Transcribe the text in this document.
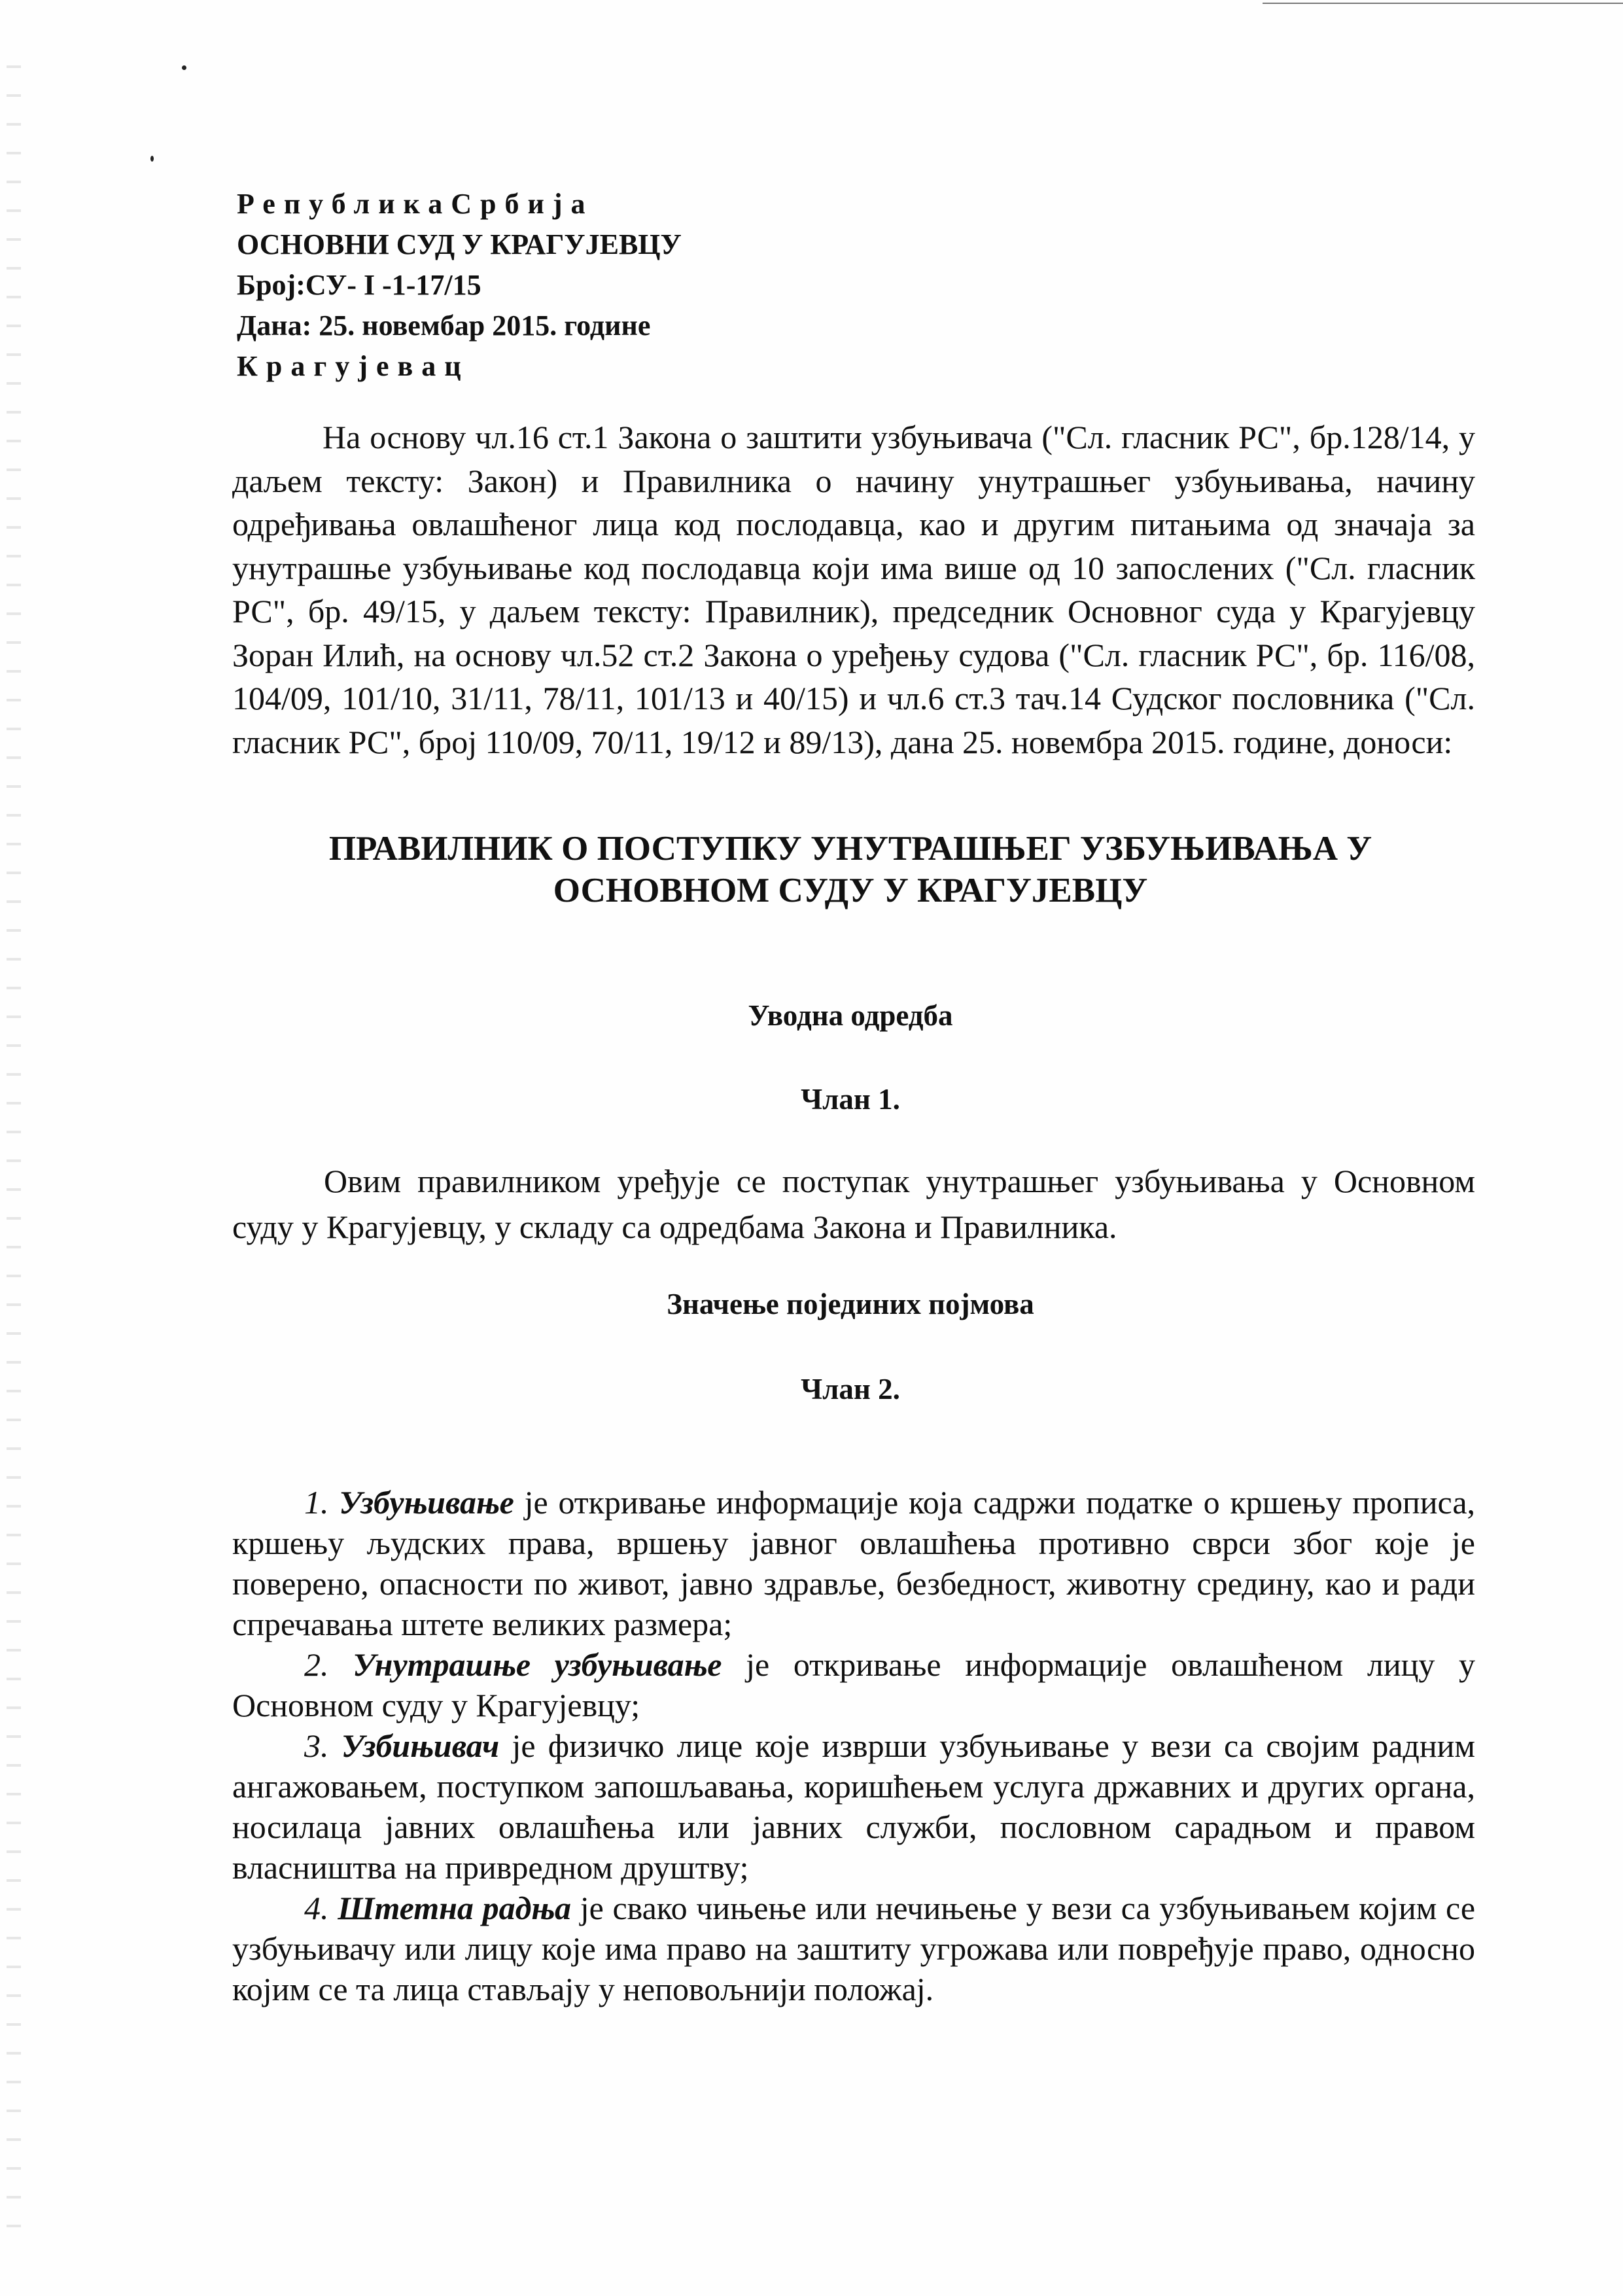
РепубликаСрбија
ОСНОВНИ СУД У КРАГУЈЕВЦУ
Број:СУ- I -1-17/15
Дана: 25. новембар 2015. године
Крагујевац

На основу чл.16 ст.1 Закона о заштити узбуњивача ("Сл. гласник РС", бр.128/14, у даљем тексту: Закон) и Правилника о начину унутрашњег узбуњивања, начину одређивања овлашћеног лица код послодавца, као и другим питањима од значаја за унутрашње узбуњивање код послодавца који има више од 10 запослених ("Сл. гласник РС", бр. 49/15, у даљем тексту: Правилник), председник Основног суда у Крагујевцу Зоран Илић, на основу чл.52 ст.2 Закона о уређењу судова ("Сл. гласник РС", бр. 116/08, 104/09, 101/10, 31/11, 78/11, 101/13 и 40/15) и чл.6 ст.3 тач.14 Судског пословника ("Сл. гласник РС", број 110/09, 70/11, 19/12 и 89/13), дана 25. новембра 2015. године, доноси:

ПРАВИЛНИК О ПОСТУПКУ УНУТРАШЊЕГ УЗБУЊИВАЊА У
ОСНОВНОМ СУДУ У КРАГУЈЕВЦУ
Уводна одредба
Члан 1.

Овим правилником уређује се поступак унутрашњег узбуњивања у Основном суду у Крагујевцу, у складу са одредбама Закона и Правилника.

Значење појединих појмова
Члан 2.

1. Узбуњивање је откривање информације која садржи податке о кршењу прописа, кршењу људских права, вршењу јавног овлашћења противно сврси због које је поверено, опасности по живот, јавно здравље, безбедност, животну средину, као и ради спречавања штете великих размера;

2. Унутрашње узбуњивање је откривање информације овлашћеном лицу у Основном суду у Крагујевцу;

3. Узбињивач је физичко лице које изврши узбуњивање у вези са својим радним ангажовањем, поступком запошљавања, коришћењем услуга државних и других органа, носилаца јавних овлашћења или јавних служби, пословном сарадњом и правом власништва на привредном друштву;

4. Штетна радња је свако чињење или нечињење у вези са узбуњивањем којим се узбуњивачу или лицу које има право на заштиту угрожава или повређује право, односно којим се та лица стављају у неповољнији положај.
